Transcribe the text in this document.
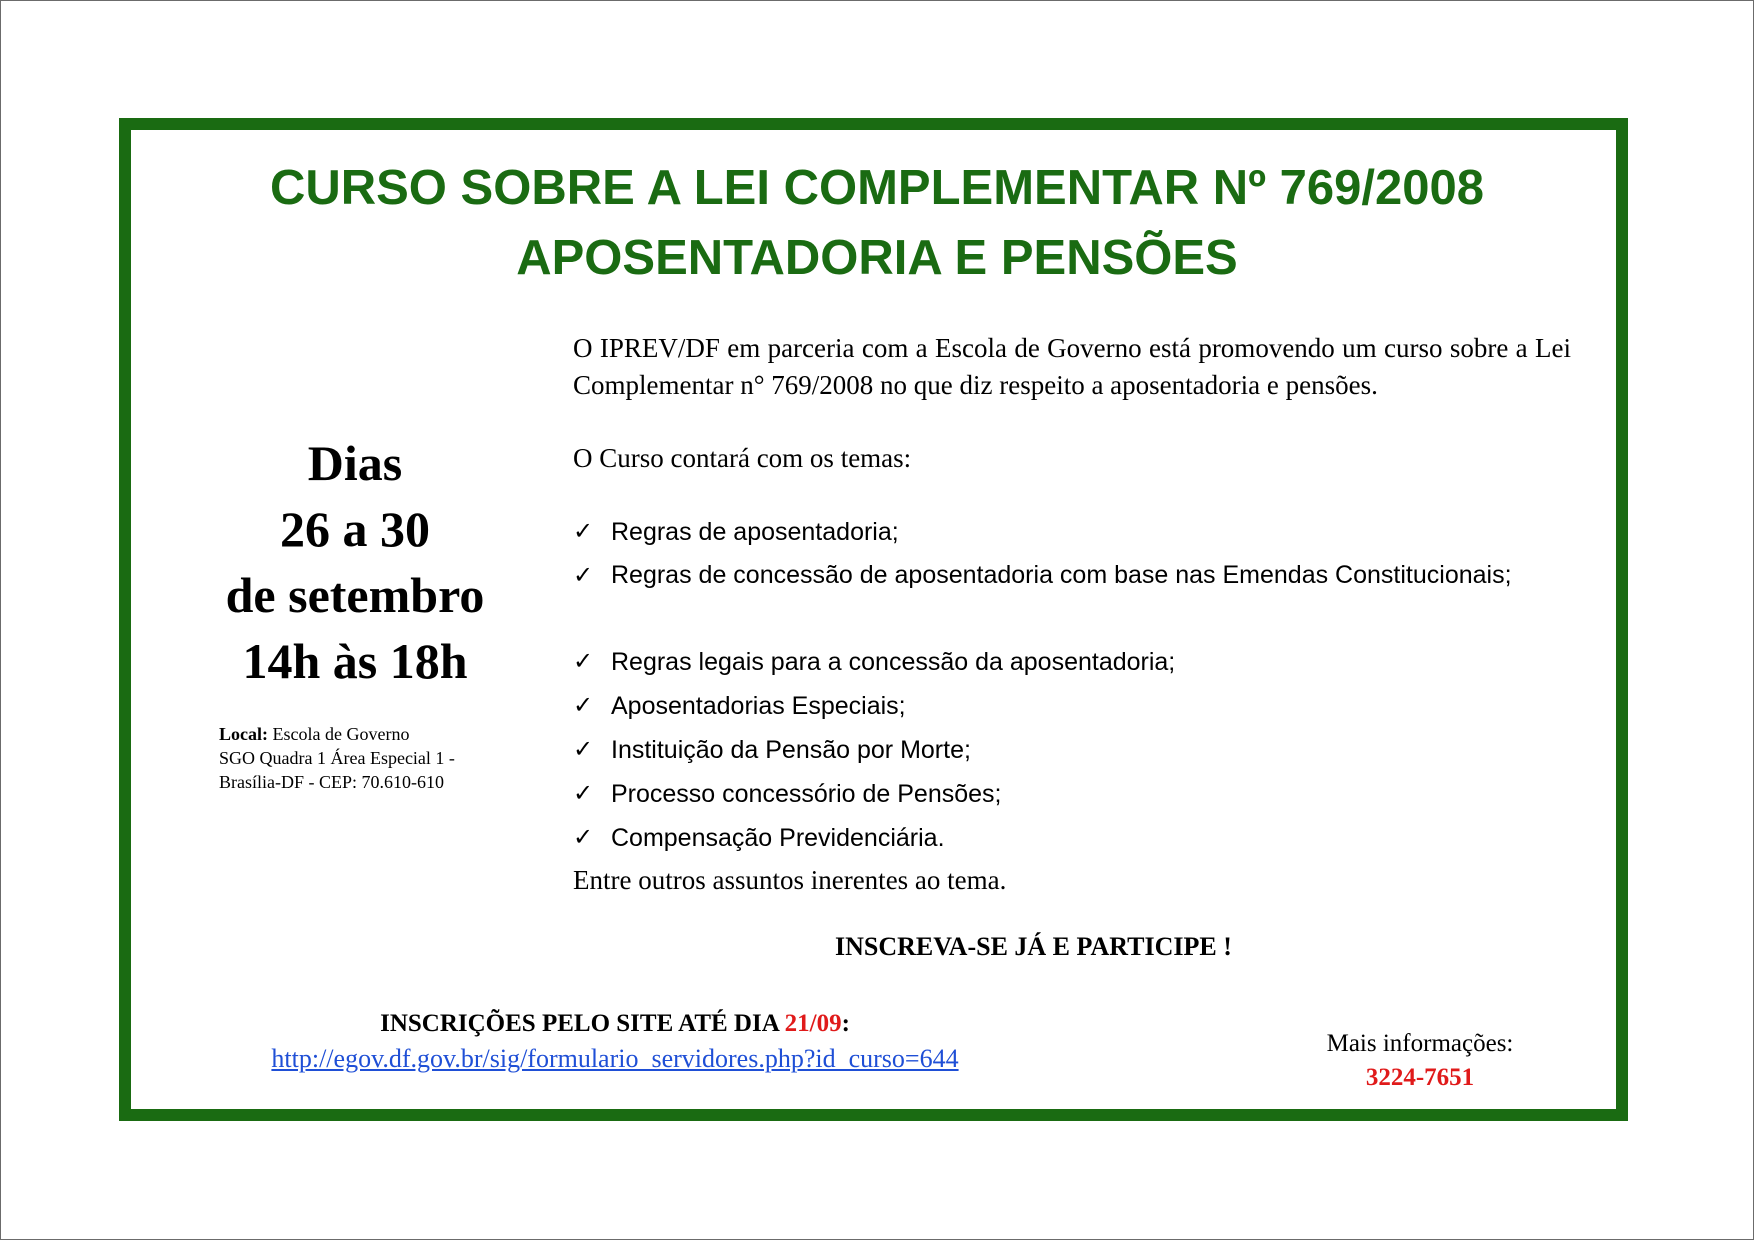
CURSO SOBRE A LEI COMPLEMENTAR Nº 769/2008
APOSENTADORIA E PENSÕES
Dias
26 a 30
de setembro
14h às 18h
Local: Escola de Governo
SGO Quadra 1 Área Especial 1 -
Brasília-DF - CEP: 70.610-610

O IPREV/DF em parceria com a Escola de Governo está promovendo um curso sobre a Lei Complementar n° 769/2008 no que diz respeito a aposentadoria e pensões.

O Curso contará com os temas:
✓ Regras de aposentadoria;
✓ Regras de concessão de aposentadoria com base nas Emendas Constitucionais;
✓ Regras legais para a concessão da aposentadoria;
✓ Aposentadorias Especiais;
✓ Instituição da Pensão por Morte;
✓ Processo concessório de Pensões;
✓ Compensação Previdenciária.
Entre outros assuntos inerentes ao tema.
INSCREVA-SE JÁ E PARTICIPE !
INSCRIÇÕES PELO SITE ATÉ DIA 21/09:
http://egov.df.gov.br/sig/formulario_servidores.php?id_curso=644
Mais informações:
3224-7651
